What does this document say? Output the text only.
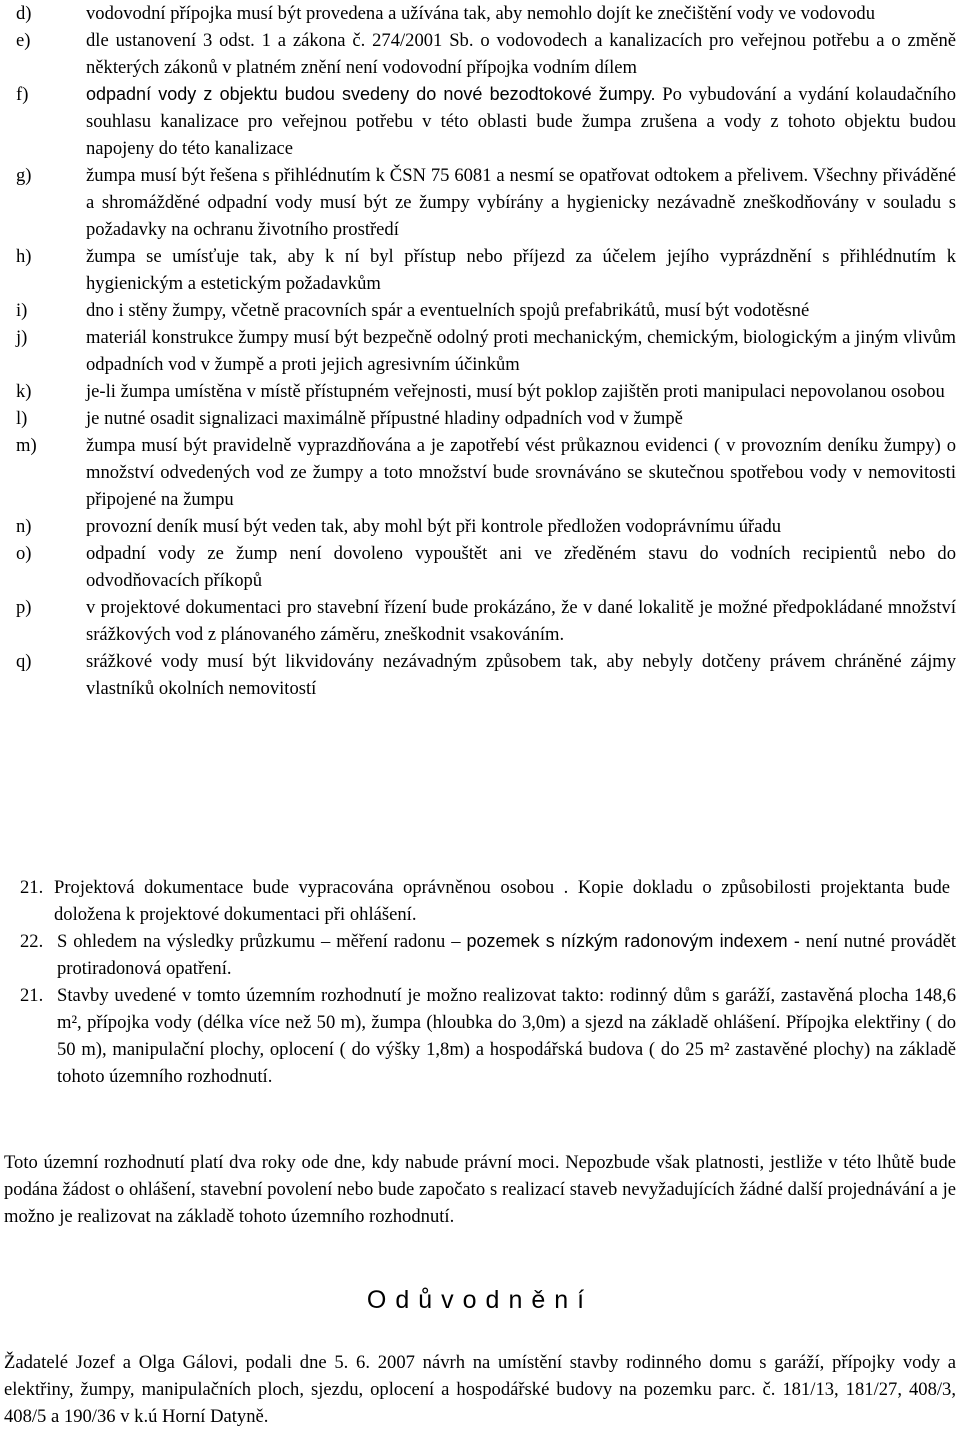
d)	vodovodní přípojka musí být provedena a užívána tak, aby nemohlo dojít ke znečištění vody ve vodovodu
e)	dle ustanovení 3 odst. 1 a zákona č. 274/2001 Sb. o vodovodech a kanalizacích pro veřejnou potřebu a o změně některých zákonů v platném znění není vodovodní přípojka vodním dílem
f)	odpadní vody z objektu budou svedeny do nové bezodtokové žumpy. Po vybudování a vydání kolaudačního souhlasu kanalizace pro veřejnou potřebu v této oblasti bude žumpa zrušena a vody z tohoto objektu budou napojeny do této kanalizace
g)	žumpa musí být řešena s přihlédnutím k ČSN 75 6081 a nesmí se opatřovat odtokem a přelivem. Všechny přiváděné a shromážděné odpadní vody musí být ze žumpy vybírány a hygienicky nezávadně zneškodňovány v souladu s požadavky na ochranu životního prostředí
h)	žumpa se umísťuje tak, aby k ní byl přístup nebo příjezd za účelem jejího vyprázdnění s přihlédnutím k hygienickým a estetickým požadavkům
i)	dno i stěny žumpy, včetně pracovních spár a eventuelních spojů prefabrikátů, musí být vodotěsné
j)	materiál konstrukce žumpy musí být bezpečně odolný proti mechanickým, chemickým, biologickým a jiným vlivům odpadních vod v žumpě a proti jejich agresivním účinkům
k)	je-li žumpa umístěna v místě přístupném veřejnosti, musí být poklop zajištěn proti manipulaci nepovolanou osobou
l)	je nutné osadit signalizaci maximálně přípustné hladiny odpadních vod v žumpě
m)	žumpa musí být pravidelně vyprazdňována a je zapotřebí vést průkaznou evidenci ( v provozním deníku žumpy) o množství odvedených vod ze žumpy a toto množství bude srovnáváno se skutečnou spotřebou vody v nemovitosti připojené na žumpu
n)	provozní deník musí být veden tak, aby mohl být při kontrole předložen vodoprávnímu úřadu
o)	odpadní vody ze žump není dovoleno vypouštět ani ve zředěném stavu do vodních recipientů nebo do odvodňovacích příkopů
p)	v projektové dokumentaci pro stavební řízení bude prokázáno, že v dané lokalitě je možné předpokládané množství srážkových vod z plánovaného záměru, zneškodnit vsakováním.
q)	srážkové vody musí být likvidovány nezávadným způsobem tak, aby nebyly dotčeny právem chráněné zájmy vlastníků okolních nemovitostí
21. Projektová dokumentace bude vypracována oprávněnou osobou . Kopie dokladu o způsobilosti projektanta bude doložena k projektové dokumentaci při ohlášení.
22. S ohledem na výsledky průzkumu – měření radonu – pozemek s nízkým radonovým indexem - není nutné provádět protiradonová opatření.
21. Stavby uvedené v tomto územním rozhodnutí je možno realizovat takto: rodinný dům s garáží, zastavěná plocha 148,6 m², přípojka vody (délka více než 50 m), žumpa (hloubka do 3,0m) a sjezd na základě ohlášení. Přípojka elektřiny ( do 50 m), manipulační plochy, oplocení ( do výšky 1,8m) a hospodářská budova ( do 25 m² zastavěné plochy) na základě tohoto územního rozhodnutí.
Toto územní rozhodnutí platí dva roky ode dne, kdy nabude právní moci. Nepozbude však platnosti, jestliže v této lhůtě bude podána žádost o ohlášení, stavební povolení nebo bude započato s realizací staveb nevyžadujících žádné další projednávání a je možno je realizovat na základě tohoto územního rozhodnutí.
Odůvodnění
Žadatelé Jozef a Olga Gálovi, podali dne 5. 6. 2007 návrh na umístění stavby rodinného domu s garáží, přípojky vody a elektřiny, žumpy, manipulačních ploch, sjezdu, oplocení a hospodářské budovy na pozemku parc. č. 181/13, 181/27, 408/3, 408/5 a 190/36 v k.ú Horní Datyně.
